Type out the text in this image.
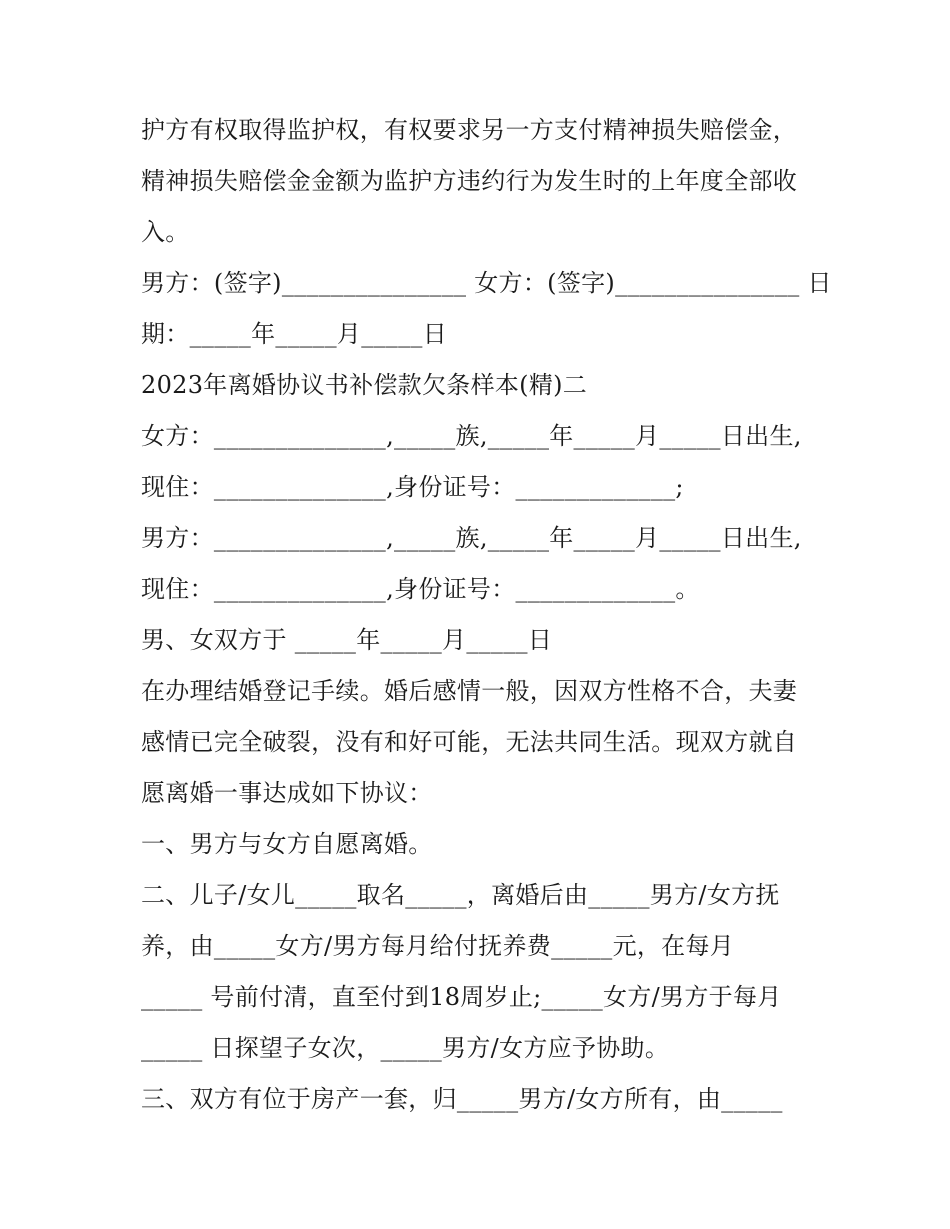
护方有权取得监护权，有权要求另一方支付精神损失赔偿金，
精神损失赔偿金金额为监护方违约行为发生时的上年度全部收
入。
男方：(签字)_______________ 女方：(签字)_______________ 日
期：_____年_____月_____日
2023年离婚协议书补偿款欠条样本(精)二
女方：______________,_____族,_____年_____月_____日出生,
现住：______________,身份证号：_____________;
男方：______________,_____族,_____年_____月_____日出生,
现住：______________,身份证号：_____________。
男、女双方于 _____年_____月_____日
在办理结婚登记手续。婚后感情一般，因双方性格不合，夫妻
感情已完全破裂，没有和好可能，无法共同生活。现双方就自
愿离婚一事达成如下协议：
一、男方与女方自愿离婚。
二、儿子/女儿_____取名_____，离婚后由_____男方/女方抚
养，由_____女方/男方每月给付抚养费_____元，在每月
_____ 号前付清，直至付到18周岁止;_____女方/男方于每月
_____ 日探望子女次，_____男方/女方应予协助。
三、双方有位于房产一套，归_____男方/女方所有，由_____
